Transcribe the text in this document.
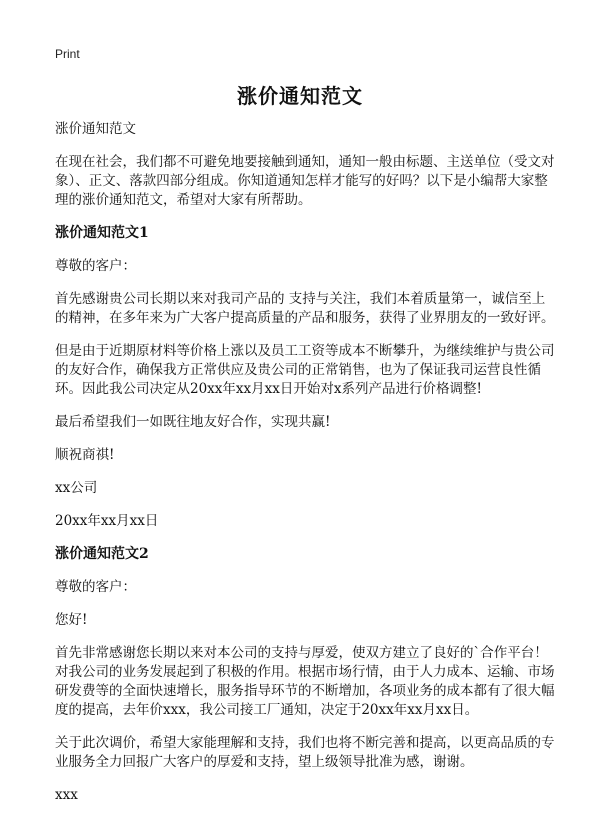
Print
涨价通知范文

涨价通知范文

在现在社会，我们都不可避免地要接触到通知，通知一般由标题、主送单位（受文对象）、正文、落款四部分组成。你知道通知怎样才能写的好吗？以下是小编帮大家整理的涨价通知范文，希望对大家有所帮助。

涨价通知范文1

尊敬的客户：

首先感谢贵公司长期以来对我司产品的 支持与关注，我们本着质量第一，诚信至上的精神，在多年来为广大客户提高质量的产品和服务，获得了业界朋友的一致好评。

但是由于近期原材料等价格上涨以及员工工资等成本不断攀升，为继续维护与贵公司的友好合作，确保我方正常供应及贵公司的正常销售，也为了保证我司运营良性循环。因此我公司决定从20xx年xx月xx日开始对x系列产品进行价格调整!

最后希望我们一如既往地友好合作，实现共赢!

顺祝商祺!

xx公司

20xx年xx月xx日

涨价通知范文2

尊敬的客户：

您好!

首先非常感谢您长期以来对本公司的支持与厚爱，使双方建立了良好的`合作平台！对我公司的业务发展起到了积极的作用。根据市场行情，由于人力成本、运输、市场研发费等的全面快速增长，服务指导环节的不断增加，各项业务的成本都有了很大幅度的提高，去年价xxx，我公司接工厂通知，决定于20xx年xx月xx日。

关于此次调价，希望大家能理解和支持，我们也将不断完善和提高，以更高品质的专业服务全力回报广大客户的厚爱和支持，望上级领导批准为感，谢谢。

xxx
